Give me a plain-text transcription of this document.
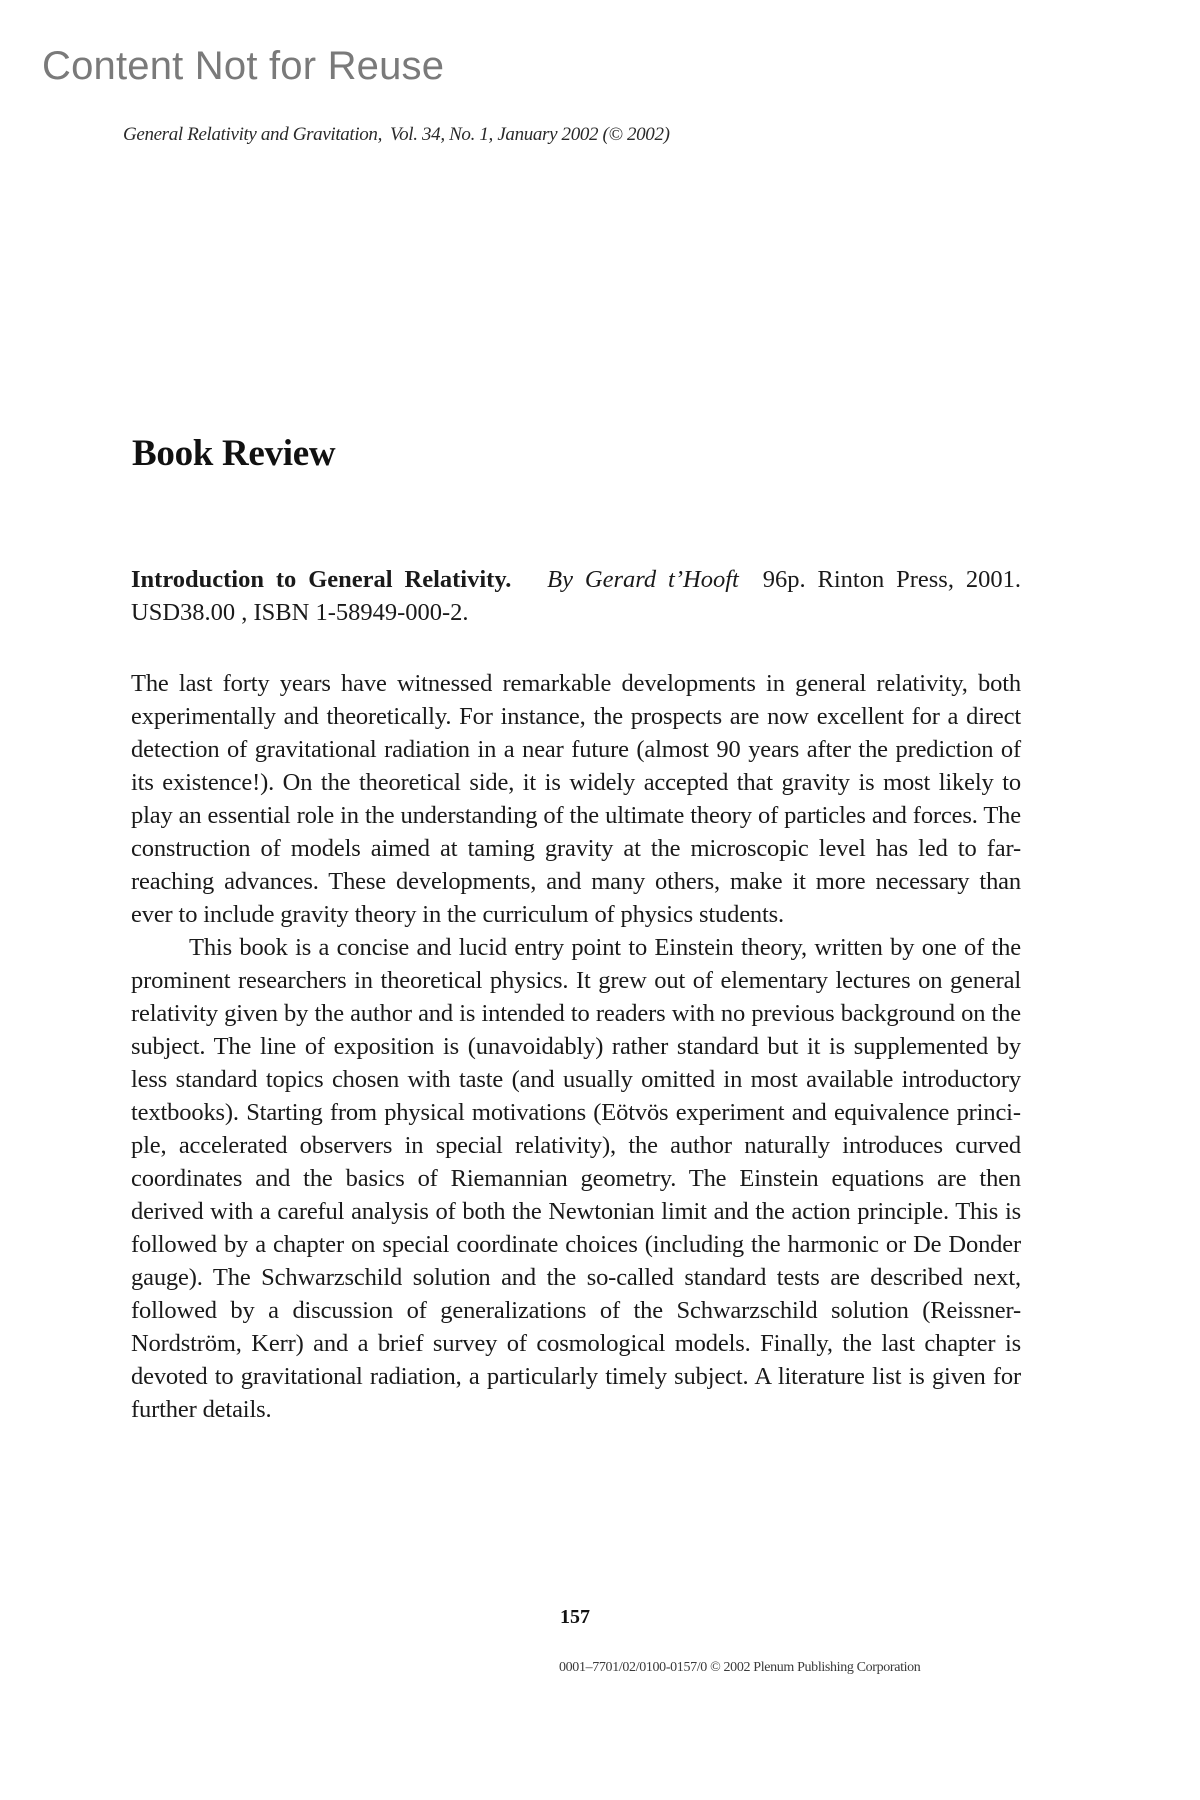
Content Not for Reuse
General Relativity and Gravitation, Vol. 34, No. 1, January 2002 (© 2002)
Book Review

Introduction to General Relativity. By Gerard t’Hooft 96p. Rinton Press, 2001. USD38.00 , ISBN 1-58949-000-2.

The last forty years have witnessed remarkable developments in general relativity, both experimentally and theoretically. For instance, the prospects are now excellent for a direct detection of gravitational radiation in a near future (almost 90 years after the prediction of its existence!). On the theoretical side, it is widely accepted that gravity is most likely to play an essential role in the understanding of the ultimate theory of particles and forces. The construction of models aimed at taming gravity at the microscopic level has led to far-reaching advances. These developments, and many others, make it more necessary than ever to include gravity theory in the curriculum of physics students.

This book is a concise and lucid entry point to Einstein theory, written by one of the prominent researchers in theoretical physics. It grew out of elementary lectures on general relativity given by the author and is intended to readers with no previous background on the subject. The line of exposition is (unavoidably) rather standard but it is supplemented by less standard topics chosen with taste (and usually omitted in most available introductory textbooks). Starting from physical motivations (Eötvös experiment and equivalence principle, accelerated observers in special relativity), the author naturally introduces curved coordinates and the basics of Riemannian geometry. The Einstein equations are then derived with a careful analysis of both the Newtonian limit and the action principle. This is followed by a chapter on special coordinate choices (including the harmonic or De Donder gauge). The Schwarzschild solution and the so-called standard tests are described next, followed by a discussion of generalizations of the Schwarzschild solution (Reissner-Nordström, Kerr) and a brief survey of cosmological models. Finally, the last chapter is devoted to gravitational radiation, a particularly timely subject. A literature list is given for further details.

157
0001–7701/02/0100-0157/0 © 2002 Plenum Publishing Corporation
